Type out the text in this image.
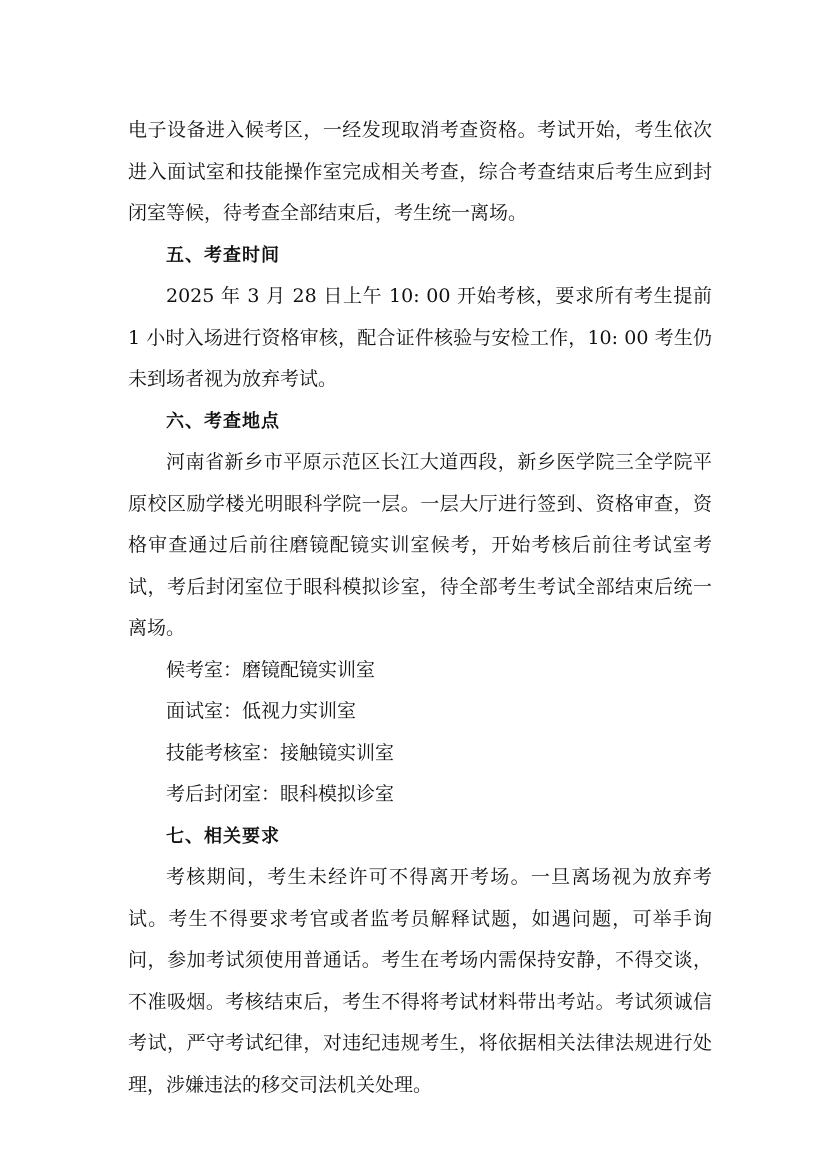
电子设备进入候考区，一经发现取消考查资格。考试开始，考生依次进入面试室和技能操作室完成相关考查，综合考查结束后考生应到封闭室等候，待考查全部结束后，考生统一离场。

五、考查时间

2025 年 3 月 28 日上午 10: 00 开始考核，要求所有考生提前 1 小时入场进行资格审核，配合证件核验与安检工作，10: 00 考生仍未到场者视为放弃考试。

六、考查地点

河南省新乡市平原示范区长江大道西段，新乡医学院三全学院平原校区励学楼光明眼科学院一层。一层大厅进行签到、资格审查，资格审查通过后前往磨镜配镜实训室候考，开始考核后前往考试室考试，考后封闭室位于眼科模拟诊室，待全部考生考试全部结束后统一离场。

候考室：磨镜配镜实训室

面试室：低视力实训室

技能考核室：接触镜实训室

考后封闭室：眼科模拟诊室

七、相关要求

考核期间，考生未经许可不得离开考场。一旦离场视为放弃考试。考生不得要求考官或者监考员解释试题，如遇问题，可举手询问，参加考试须使用普通话。考生在考场内需保持安静，不得交谈，不准吸烟。考核结束后，考生不得将考试材料带出考站。考试须诚信考试，严守考试纪律，对违纪违规考生，将依据相关法律法规进行处理，涉嫌违法的移交司法机关处理。
